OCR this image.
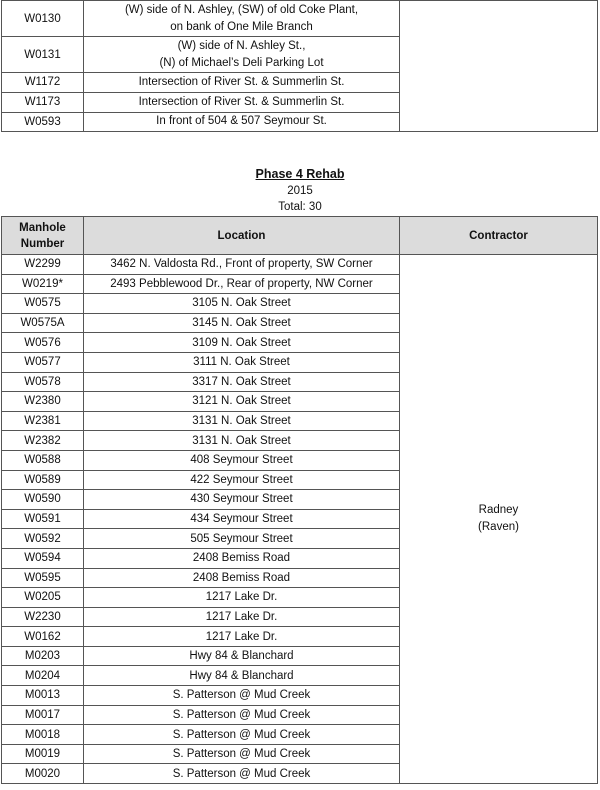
W0130	(W) side of N. Ashley, (SW) of old Coke Plant,
on bank of One Mile Branch	

W0131	(W) side of N. Ashley St.,
(N) of Michael’s Deli Parking Lot	

W1172	Intersection of River St. & Summerlin St.	

W1173	Intersection of River St. & Summerlin St.	

W0593	In front of 504 & 507 Seymour St.	
Phase 4 Rehab
2015
Total: 30
Manhole
Number	Location	Contractor
W2299	3462 N. Valdosta Rd., Front of property, SW Corner	Radney
(Raven)

W0219*	2493 Pebblewood Dr., Rear of property, NW Corner	
W0575	3105 N. Oak Street	
W0575A	3145 N. Oak Street	
W0576	3109 N. Oak Street	
W0577	3111 N. Oak Street	
W0578	3317 N. Oak Street	
W2380	3121 N. Oak Street	
W2381	3131 N. Oak Street	
W2382	3131 N. Oak Street	
W0588	408 Seymour Street	
W0589	422 Seymour Street	
W0590	430 Seymour Street	
W0591	434 Seymour Street	
W0592	505 Seymour Street	
W0594	2408 Bemiss Road	
W0595	2408 Bemiss Road	
W0205	1217 Lake Dr.	
W2230	1217 Lake Dr.	
W0162	1217 Lake Dr.	
M0203	Hwy 84 & Blanchard	
M0204	Hwy 84 & Blanchard	
M0013	S. Patterson @ Mud Creek	
M0017	S. Patterson @ Mud Creek	
M0018	S. Patterson @ Mud Creek	
M0019	S. Patterson @ Mud Creek	
M0020	S. Patterson @ Mud Creek	
